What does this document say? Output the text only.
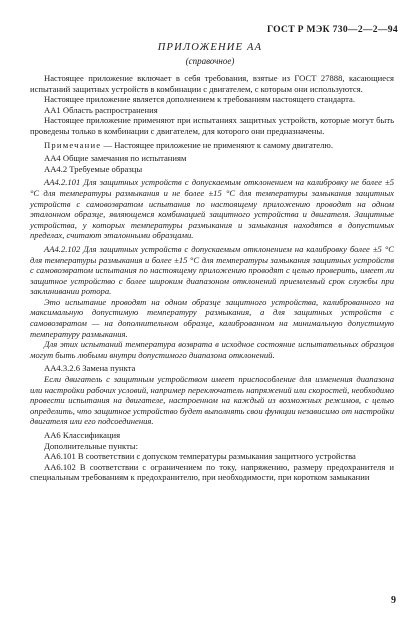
ГОСТ Р МЭК 730—2—2—94
ПРИЛОЖЕНИЕ АА
(справочное)

Настоящее приложение включает в себя требования, взятые из ГОСТ 27888, касающиеся испытаний защитных устройств в комбинации с двигателем, с которым они используются.

Настоящее приложение является дополнением к требованиям настоящего стандарта.

АА1 Область распространения

Настоящее приложение применяют при испытаниях защитных устройств, которые могут быть проведены только в комбинации с двигателем, для которого они предназначены.

Примечание — Настоящее приложение не применяют к самому двигателю.

АА4 Общие замечания по испытаниям

АА4.2 Требуемые образцы

АА4.2.101 Для защитных устройств с допускаемым отклонением на калибровку не более ±5 °С для температуры размыкания и не более ±15 °С для температуры замыкания защитных устройств с самовозвратом испытания по настоящему приложению проводят на одном эталонном образце, являющемся комбинацией защитного устройства и двигателя. Защитные устройства, у которых температуры размыкания и замыкания находятся в допустимых пределах, считают эталонными образцами.

АА4.2.102 Для защитных устройств с допускаемым отклонением на калибровку более ±5 °С для температуры размыкания и более ±15 °С для температуры замыкания защитных устройств с самовозвратом испытания по настоящему приложению проводят с целью проверить, имеет ли защитное устройство с более широким диапазоном отклонений приемлемый срок службы при заклинивании ротора.

Это испытание проводят на одном образце защитного устройства, калиброванного на максимальную допустимую температуру размыкания, а для защитных устройств с самовозвратом — на дополнительном образце, калиброванном на минимальную допустимую температуру размыкания.

Для этих испытаний температура возврата в исходное состояние испытательных образцов могут быть любыми внутри допустимого диапазона отклонений.

АА4.3.2.6 Замена пункта

Если двигатель с защитным устройством имеет приспособление для изменения диапазона или настройки рабочих условий, например переключатель напряжений или скоростей, необходимо провести испытания на двигателе, настроенном на каждый из возможных режимов, с целью определить, что защитное устройство будет выполнять свои функции независимо от настройки двигателя или его подсоединения.

АА6 Классификация

Дополнительные пункты:

АА6.101 В соответствии с допуском температуры размыкания защитного устройства

АА6.102 В соответствии с ограничением по току, напряжению, размеру предохранителя и специальным требованиям к предохранителю, при необходимости, при коротком замыкании

9
